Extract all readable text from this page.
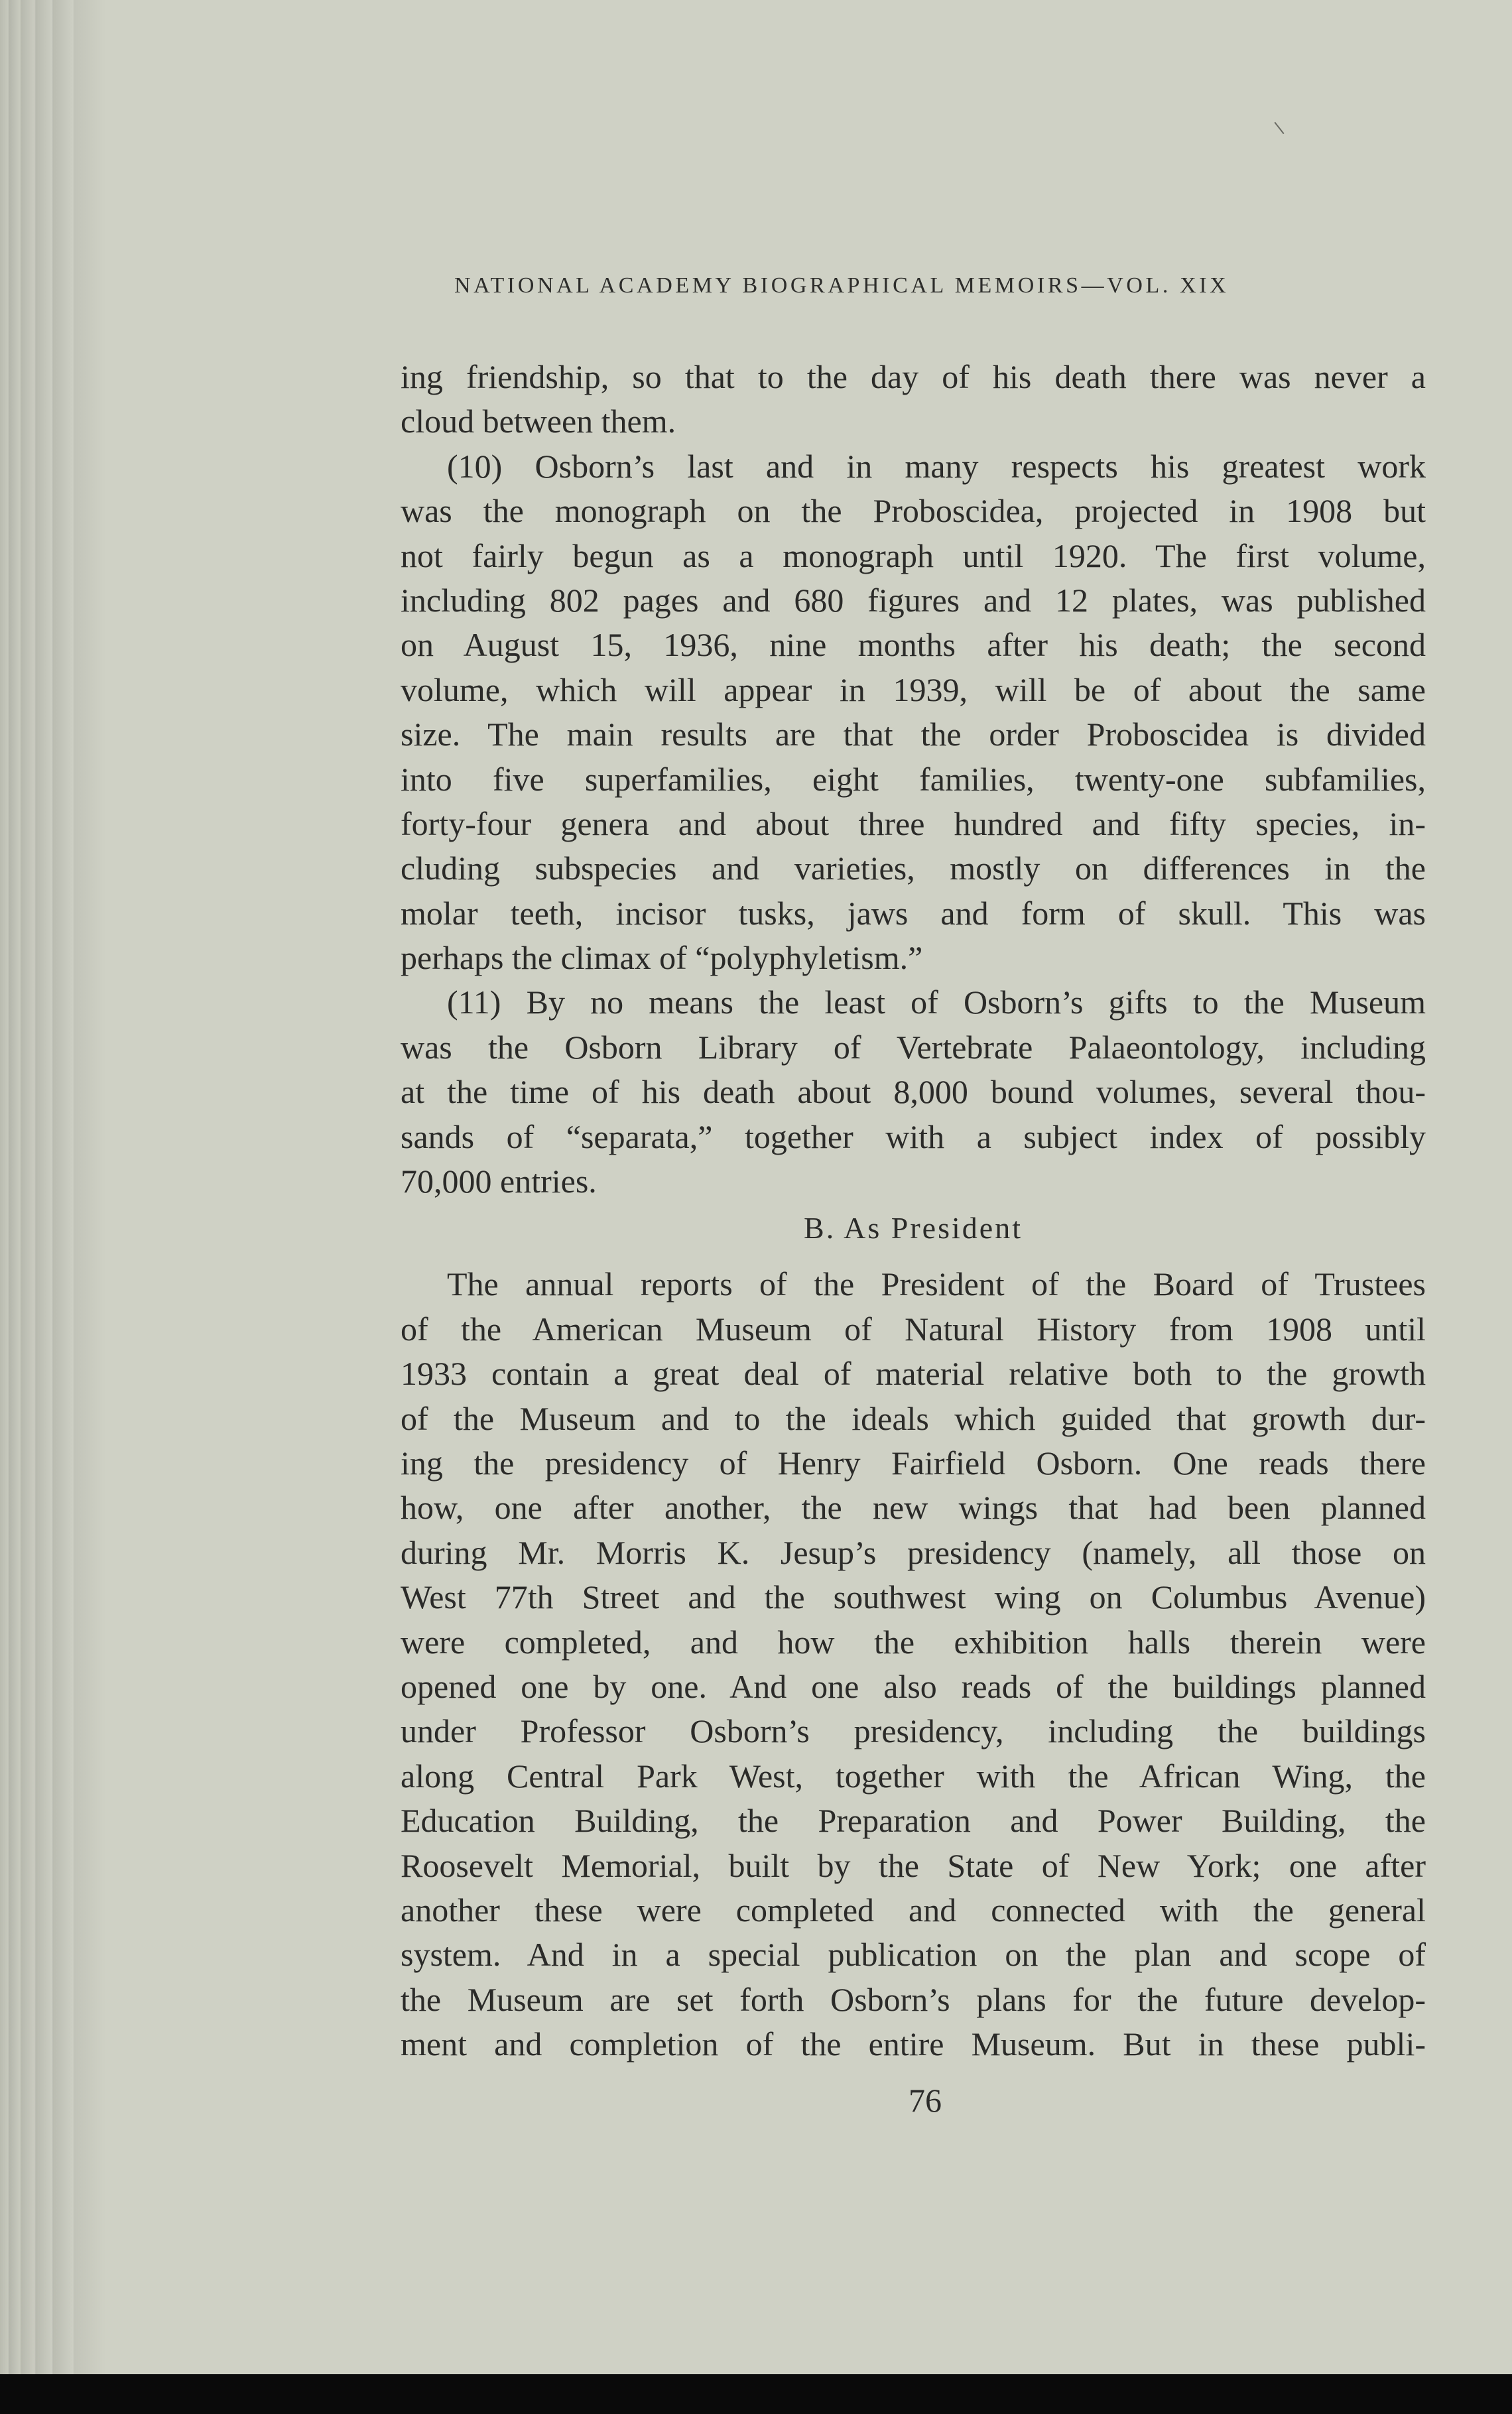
NATIONAL ACADEMY BIOGRAPHICAL MEMOIRS—VOL. XIX
ing friendship, so that to the day of his death there was never a
cloud between them.
(10) Osborn’s last and in many respects his greatest work
was the monograph on the Proboscidea, projected in 1908 but
not fairly begun as a monograph until 1920. The first volume,
including 802 pages and 680 figures and 12 plates, was published
on August 15, 1936, nine months after his death; the second
volume, which will appear in 1939, will be of about the same
size. The main results are that the order Proboscidea is divided
into five superfamilies, eight families, twenty-one subfamilies,
forty-four genera and about three hundred and fifty species, in-
cluding subspecies and varieties, mostly on differences in the
molar teeth, incisor tusks, jaws and form of skull. This was
perhaps the climax of “polyphyletism.”
(11) By no means the least of Osborn’s gifts to the Museum
was the Osborn Library of Vertebrate Palaeontology, including
at the time of his death about 8,000 bound volumes, several thou-
sands of “separata,” together with a subject index of possibly
70,000 entries.
B. As President
The annual reports of the President of the Board of Trustees
of the American Museum of Natural History from 1908 until
1933 contain a great deal of material relative both to the growth
of the Museum and to the ideals which guided that growth dur-
ing the presidency of Henry Fairfield Osborn. One reads there
how, one after another, the new wings that had been planned
during Mr. Morris K. Jesup’s presidency (namely, all those on
West 77th Street and the southwest wing on Columbus Avenue)
were completed, and how the exhibition halls therein were
opened one by one. And one also reads of the buildings planned
under Professor Osborn’s presidency, including the buildings
along Central Park West, together with the African Wing, the
Education Building, the Preparation and Power Building, the
Roosevelt Memorial, built by the State of New York; one after
another these were completed and connected with the general
system. And in a special publication on the plan and scope of
the Museum are set forth Osborn’s plans for the future develop-
ment and completion of the entire Museum. But in these publi-
76
